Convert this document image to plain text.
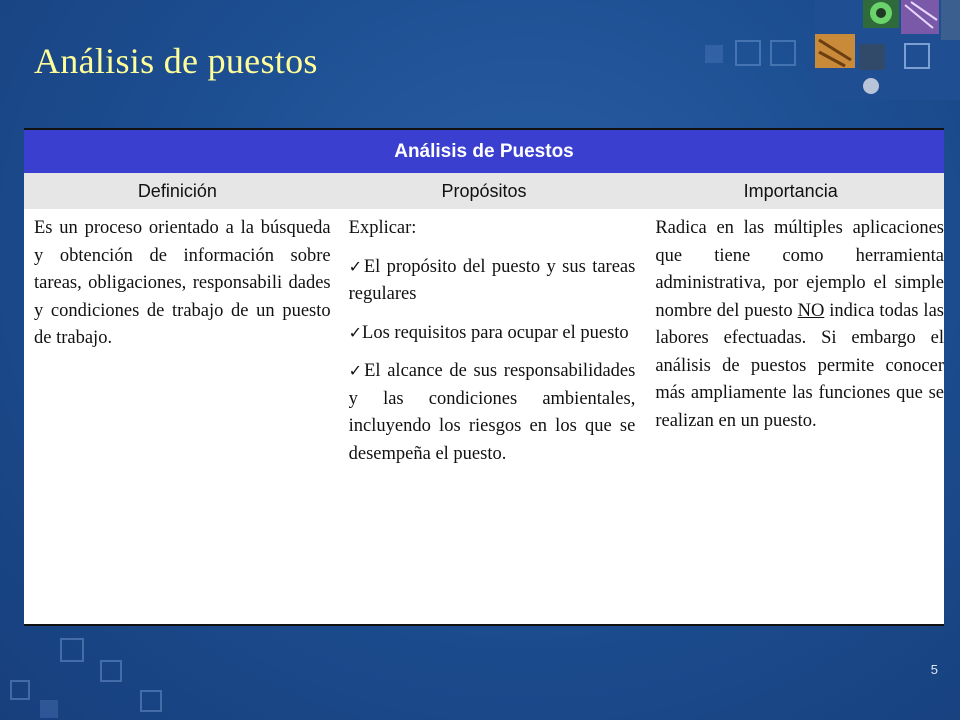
Análisis de puestos
Análisis de Puestos
Definición	Propósitos	Importancia

Es un proceso orientado a la búsqueda y obtención de información sobre tareas, obligaciones, responsabili dades y condiciones de trabajo de un puesto de trabajo.

Explicar:

✓El propósito del puesto y sus tareas regulares

✓Los requisitos para ocupar el puesto

✓El alcance de sus responsabilidades y las condiciones ambientales, incluyendo los riesgos en los que se desempeña el puesto.

Radica en las múltiples aplicaciones que tiene como herramienta administrativa, por ejemplo el simple nombre del puesto NO indica todas las labores efectuadas. Si embargo el análisis de puestos permite conocer más ampliamente las funciones que se realizan en un puesto.

5
